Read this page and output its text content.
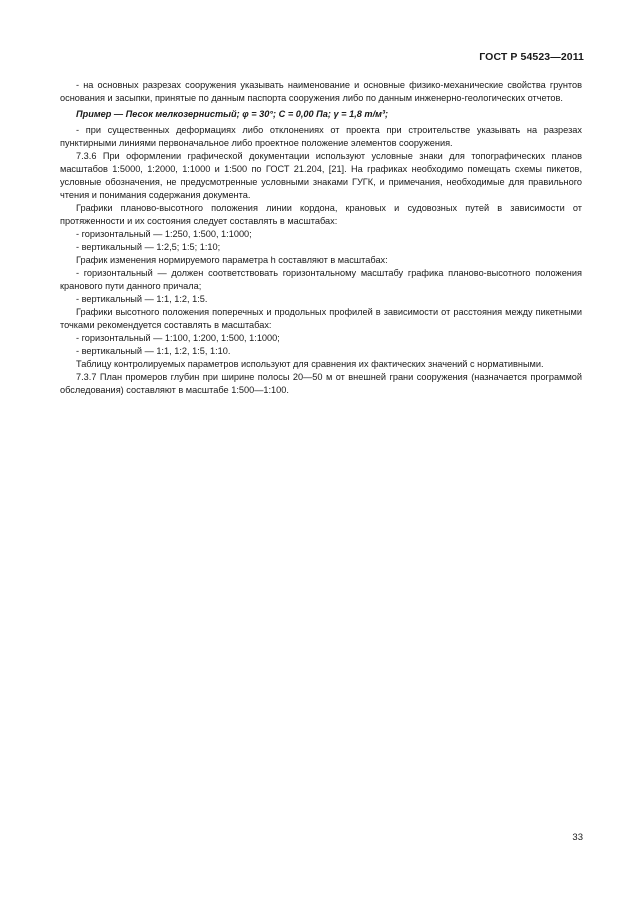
ГОСТ Р 54523—2011

- на основных разрезах сооружения указывать наименование и основные физико-механические свойства грунтов основания и засыпки, принятые по данным паспорта сооружения либо по данным инженерно-геологических отчетов.

Пример — Песок мелкозернистый; φ = 30°; С = 0,00 Па; γ = 1,8 т/м³;

- при существенных деформациях либо отклонениях от проекта при строительстве указывать на разрезах пунктирными линиями первоначальное либо проектное положение элементов сооружения.

7.3.6 При оформлении графической документации используют условные знаки для топографических планов масштабов 1:5000, 1:2000, 1:1000 и 1:500 по ГОСТ 21.204, [21]. На графиках необходимо помещать схемы пикетов, условные обозначения, не предусмотренные условными знаками ГУГК, и примечания, необходимые для правильного чтения и понимания содержания документа.

Графики планово-высотного положения линии кордона, крановых и судовозных путей в зависимости от протяженности и их состояния следует составлять в масштабах:

- горизонтальный — 1:250, 1:500, 1:1000;

- вертикальный — 1:2,5; 1:5; 1:10;

График изменения нормируемого параметра h составляют в масштабах:

- горизонтальный — должен соответствовать горизонтальному масштабу графика планово-высотного положения кранового пути данного причала;

- вертикальный — 1:1, 1:2, 1:5.

Графики высотного положения поперечных и продольных профилей в зависимости от расстояния между пикетными точками рекомендуется составлять в масштабах:

- горизонтальный — 1:100, 1:200, 1:500, 1:1000;

- вертикальный — 1:1, 1:2, 1:5, 1:10.

Таблицу контролируемых параметров используют для сравнения их фактических значений с нормативными.

7.3.7 План промеров глубин при ширине полосы 20—50 м от внешней грани сооружения (назначается программой обследования) составляют в масштабе 1:500—1:100.

33
